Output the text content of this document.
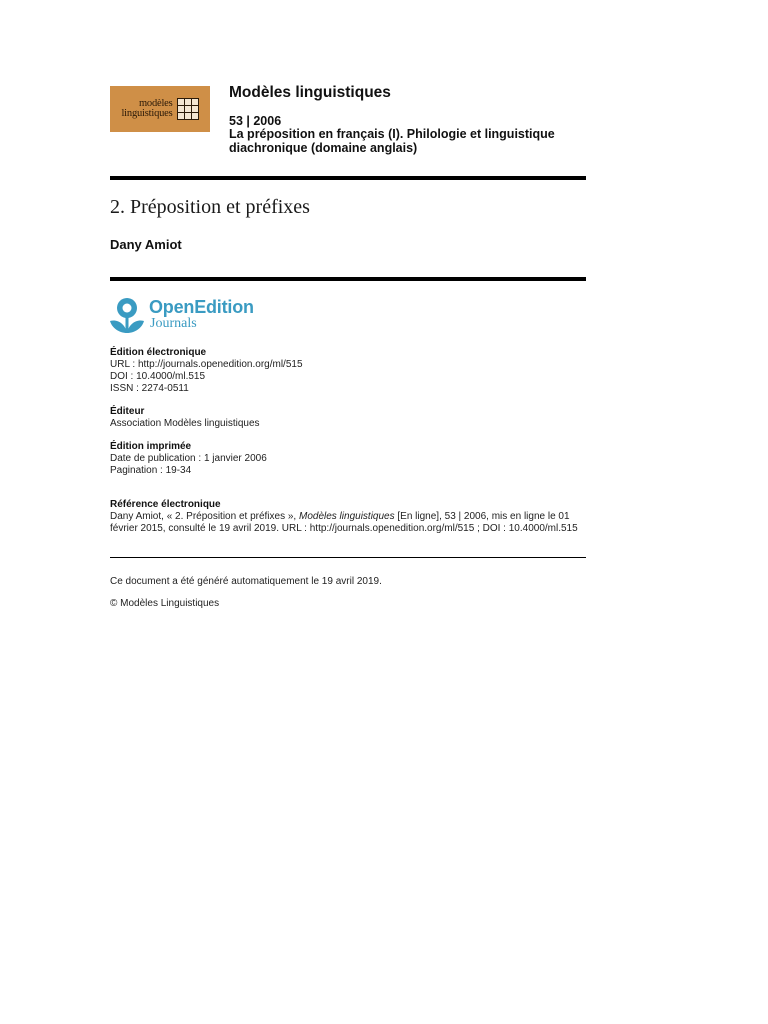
modèles
linguistiques
Modèles linguistiques

53 | 2006

La préposition en français (I). Philologie et linguistique diachronique (domaine anglais)

2. Préposition et préfixes

Dany Amiot

OpenEdition
Journals
Édition électronique
URL : http://journals.openedition.org/ml/515
DOI : 10.4000/ml.515
ISSN : 2274-0511
Éditeur
Association Modèles linguistiques
Édition imprimée
Date de publication : 1 janvier 2006
Pagination : 19-34
Référence électronique
Dany Amiot, « 2. Préposition et préfixes », Modèles linguistiques [En ligne], 53 | 2006, mis en ligne le 01 février 2015, consulté le 19 avril 2019. URL : http://journals.openedition.org/ml/515 ; DOI : 10.4000/ml.515

Ce document a été généré automatiquement le 19 avril 2019.

© Modèles Linguistiques
